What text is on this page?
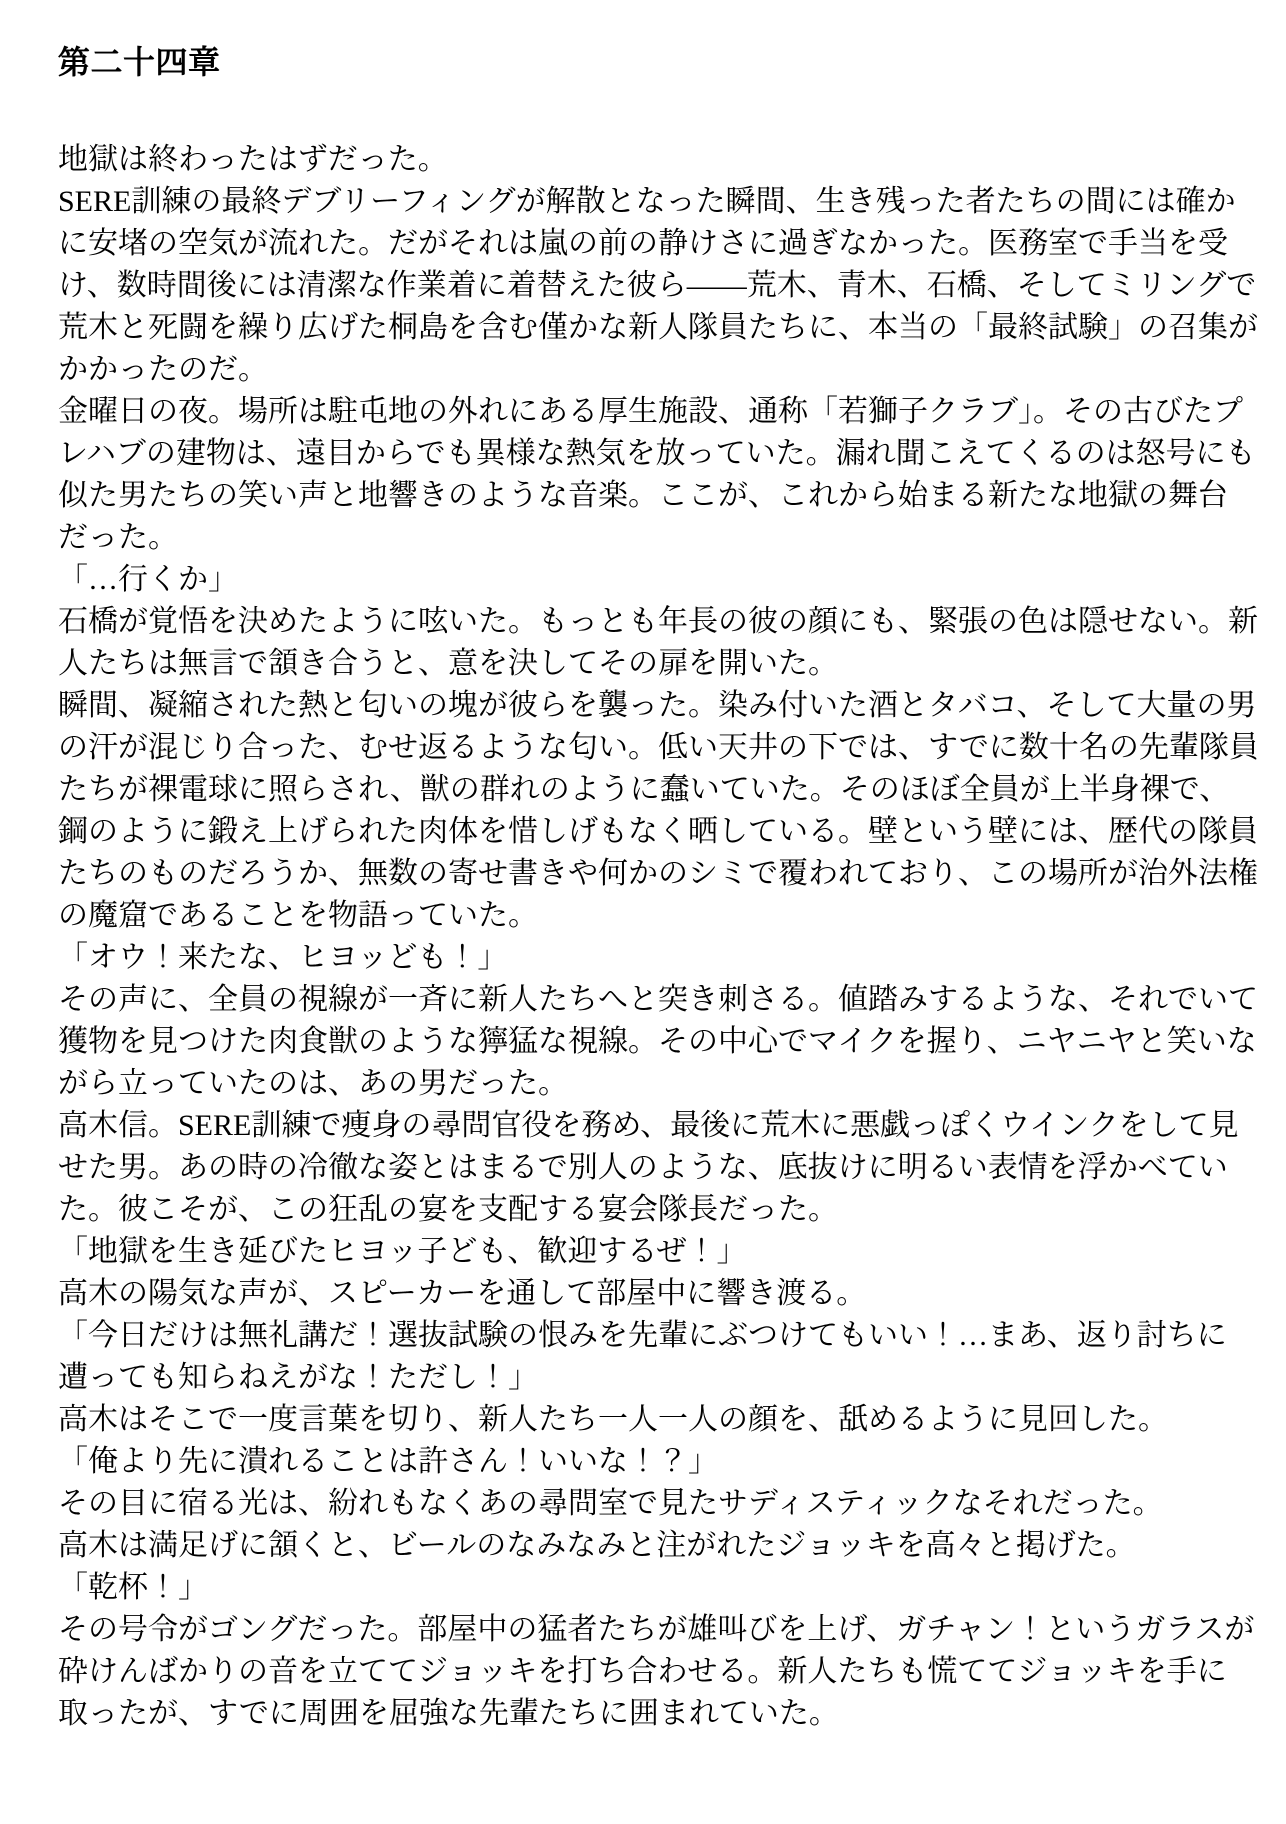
第二十四章

地獄は終わったはずだった。

SERE訓練の最終デブリーフィングが解散となった瞬間、生き残った者たちの間には確かに安堵の空気が流れた。だがそれは嵐の前の静けさに過ぎなかった。医務室で手当を受け、数時間後には清潔な作業着に着替えた彼ら——荒木、青木、石橋、そしてミリングで荒木と死闘を繰り広げた桐島を含む僅かな新人隊員たちに、本当の「最終試験」の召集がかかったのだ。

金曜日の夜。場所は駐屯地の外れにある厚生施設、通称「若獅子クラブ」。その古びたプレハブの建物は、遠目からでも異様な熱気を放っていた。漏れ聞こえてくるのは怒号にも似た男たちの笑い声と地響きのような音楽。ここが、これから始まる新たな地獄の舞台だった。

「…行くか」

石橋が覚悟を決めたように呟いた。もっとも年長の彼の顔にも、緊張の色は隠せない。新人たちは無言で頷き合うと、意を決してその扉を開いた。

瞬間、凝縮された熱と匂いの塊が彼らを襲った。染み付いた酒とタバコ、そして大量の男の汗が混じり合った、むせ返るような匂い。低い天井の下では、すでに数十名の先輩隊員たちが裸電球に照らされ、獣の群れのように蠢いていた。そのほぼ全員が上半身裸で、鋼のように鍛え上げられた肉体を惜しげもなく晒している。壁という壁には、歴代の隊員たちのものだろうか、無数の寄せ書きや何かのシミで覆われており、この場所が治外法権の魔窟であることを物語っていた。

「オウ！来たな、ヒヨッども！」

その声に、全員の視線が一斉に新人たちへと突き刺さる。値踏みするような、それでいて獲物を見つけた肉食獣のような獰猛な視線。その中心でマイクを握り、ニヤニヤと笑いながら立っていたのは、あの男だった。

高木信。SERE訓練で痩身の尋問官役を務め、最後に荒木に悪戯っぽくウインクをして見せた男。あの時の冷徹な姿とはまるで別人のような、底抜けに明るい表情を浮かべていた。彼こそが、この狂乱の宴を支配する宴会隊長だった。

「地獄を生き延びたヒヨッ子ども、歓迎するぜ！」

高木の陽気な声が、スピーカーを通して部屋中に響き渡る。

「今日だけは無礼講だ！選抜試験の恨みを先輩にぶつけてもいい！…まあ、返り討ちに遭っても知らねえがな！ただし！」

高木はそこで一度言葉を切り、新人たち一人一人の顔を、舐めるように見回した。

「俺より先に潰れることは許さん！いいな！？」

その目に宿る光は、紛れもなくあの尋問室で見たサディスティックなそれだった。

高木は満足げに頷くと、ビールのなみなみと注がれたジョッキを高々と掲げた。

「乾杯！」

その号令がゴングだった。部屋中の猛者たちが雄叫びを上げ、ガチャン！というガラスが砕けんばかりの音を立ててジョッキを打ち合わせる。新人たちも慌ててジョッキを手に取ったが、すでに周囲を屈強な先輩たちに囲まれていた。
